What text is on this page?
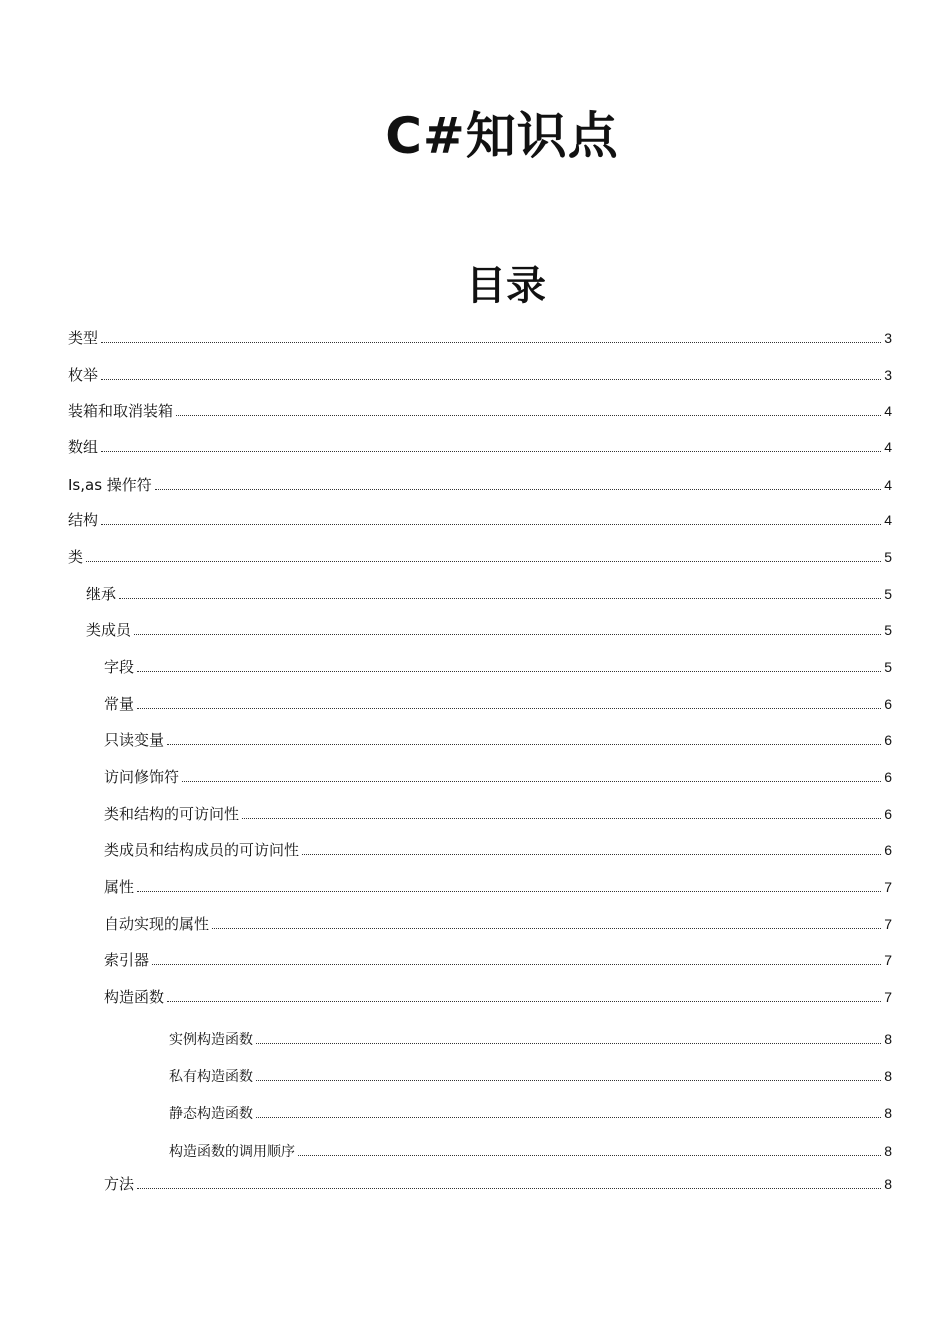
C#知识点
目录
类型	3
枚举	3
装箱和取消装箱	4
数组	4
Is,as 操作符	4
结构	4
类	5
继承	5
类成员	5
字段	5
常量	6
只读变量	6
访问修饰符	6
类和结构的可访问性	6
类成员和结构成员的可访问性	6
属性	7
自动实现的属性	7
索引器	7
构造函数	7
实例构造函数	8
私有构造函数	8
静态构造函数	8
构造函数的调用顺序	8
方法	8
